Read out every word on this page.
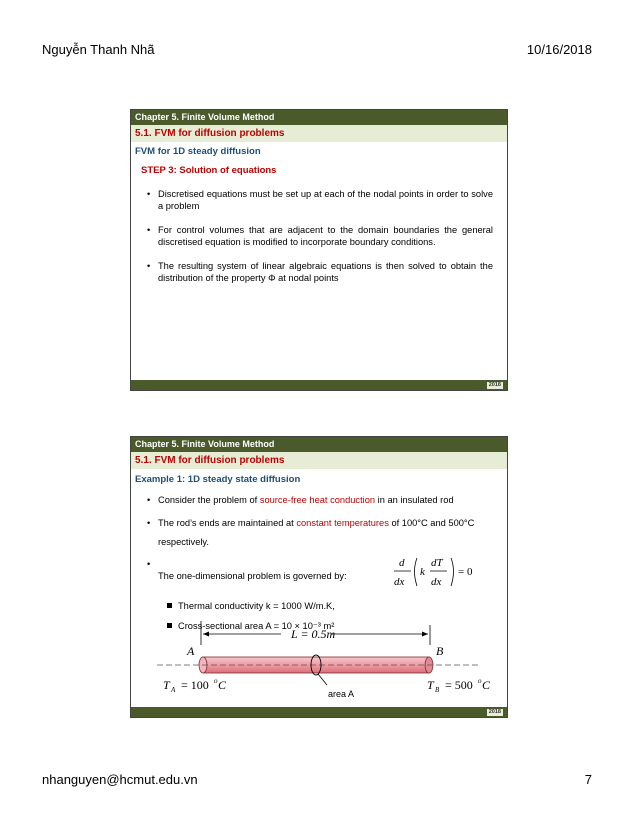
Nguyễn Thanh Nhã	10/16/2018
Chapter 5. Finite Volume Method
5.1. FVM for diffusion problems
FVM for 1D steady diffusion
STEP 3: Solution of equations
• Discretised equations must be set up at each of the nodal points in order to solve a problem
• For control volumes that are adjacent to the domain boundaries the general discretised equation is modified to incorporate boundary conditions.
• The resulting system of linear algebraic equations is then solved to obtain the distribution of the property Φ at nodal points
2018
Chapter 5. Finite Volume Method
5.1. FVM for diffusion problems
Example 1: 1D steady state diffusion
• Consider the problem of source-free heat conduction in an insulated rod
• The rod’s ends are maintained at constant temperatures of 100°C and 500°C respectively.
• The one-dimensional problem is governed by:
d
dx
k
dT
dx
= 0
Thermal conductivity k = 1000 W/m.K,
Cross-sectional area A = 10 × 10⁻³ m²
L = 0.5m
A	B
area A
T A = 100 o C	T B = 500 o C
2018
nhanguyen@hcmut.edu.vn	7
